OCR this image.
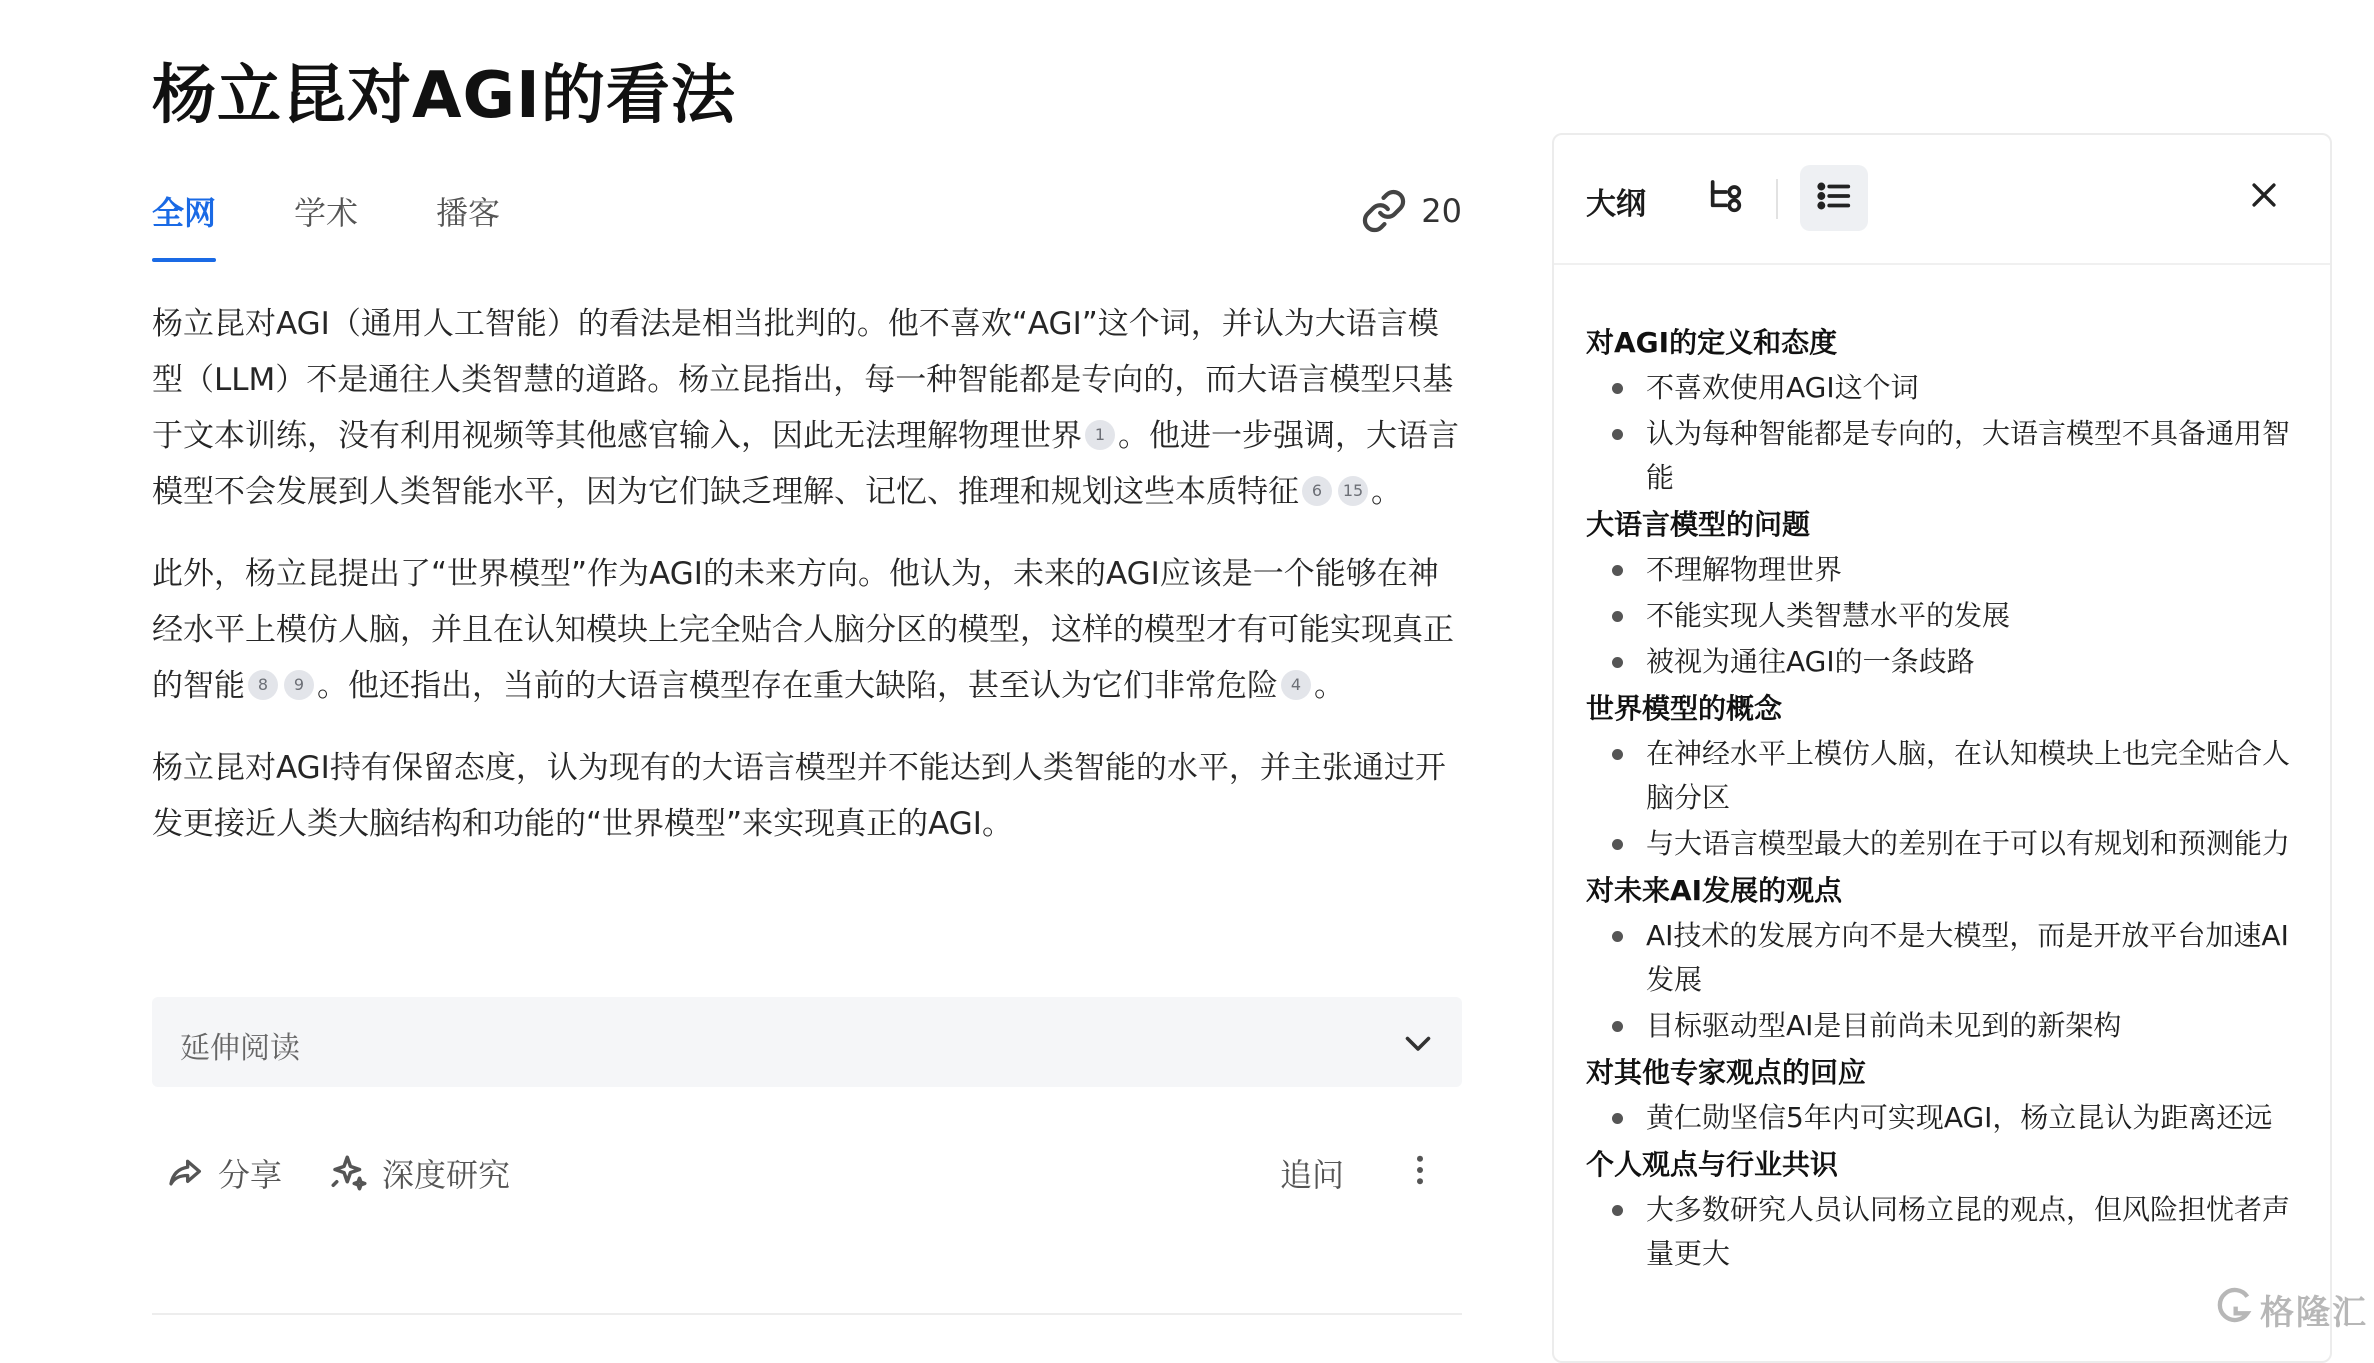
杨立昆对AGI的看法
全网 学术 播客	20

杨立昆对AGI（通用人工智能）的看法是相当批判的。他不喜欢“AGI”这个词，并认为大语言模型（LLM）不是通往人类智慧的道路。杨立昆指出，每一种智能都是专向的，而大语言模型只基于文本训练，没有利用视频等其他感官输入，因此无法理解物理世界 1 。他进一步强调，大语言模型不会发展到人类智能水平，因为它们缺乏理解、记忆、推理和规划这些本质特征 6 15 。

此外，杨立昆提出了“世界模型”作为AGI的未来方向。他认为，未来的AGI应该是一个能够在神经水平上模仿人脑，并且在认知模块上完全贴合人脑分区的模型，这样的模型才有可能实现真正的智能 8 9 。他还指出，当前的大语言模型存在重大缺陷，甚至认为它们非常危险 4 。

杨立昆对AGI持有保留态度，认为现有的大语言模型并不能达到人类智能的水平，并主张通过开发更接近人类大脑结构和功能的“世界模型”来实现真正的AGI。

延伸阅读
分享	深度研究	追问
大纲
对AGI的定义和态度
不喜欢使用AGI这个词
认为每种智能都是专向的，大语言模型不具备通用智能
大语言模型的问题
不理解物理世界
不能实现人类智慧水平的发展
被视为通往AGI的一条歧路
世界模型的概念
在神经水平上模仿人脑，在认知模块上也完全贴合人脑分区
与大语言模型最大的差别在于可以有规划和预测能力
对未来AI发展的观点
AI技术的发展方向不是大模型，而是开放平台加速AI发展
目标驱动型AI是目前尚未见到的新架构
对其他专家观点的回应
黄仁勋坚信5年内可实现AGI，杨立昆认为距离还远
个人观点与行业共识
大多数研究人员认同杨立昆的观点，但风险担忧者声量更大
格隆汇
